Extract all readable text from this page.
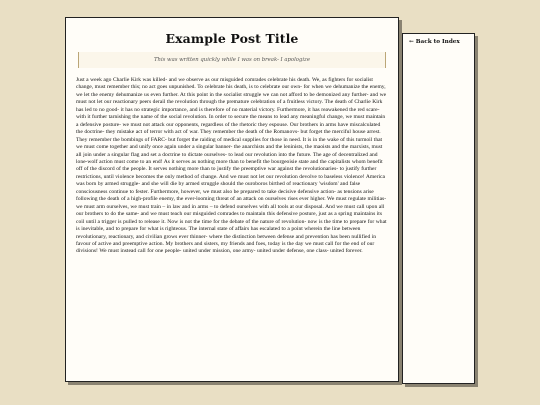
Example Post Title
This was written quickly while I was on break- I apologize
Just a week ago Charlie Kirk was killed- and we observe as our misguided comrades celebrate his death. We, as fighters for socialist change, must remember this; no act goes unpunished. To celebrate his death, is to celebrate our own- for when we dehumanize the enemy, we let the enemy dehumanize us even further. At this point in the socialist struggle we can not afford to be demonized any further- and we must not let our reactionary peers derail the revolution through the premature celebration of a fruitless victory. The death of Charlie Kirk has led to no good- it has no strategic importance, and is therefore of no material victory. Furthermore, it has reawakened the red scare- with it further tarnishing the name of the social revolution. In order to secure the means to lead any meaningful change, we must maintain a defensive posture- we must not attack our opponents, regardless of the rhetoric they espouse. Our brothers in arms have miscalculated the doctrine- they mistake act of terror with act of war. They remember the death of the Romanovs- but forget the merciful house arrest. They remember the bombings of FARC- but forget the raiding of medical supplies for those in need. It is in the wake of this turmoil that we must come together and unify once again under a singular banner- the anarchists and the leninists, the maoists and the marxists, must all join under a singular flag and set a doctrine to dictate ourselves- to lead our revolution into the future. The age of decentralized and lone-wolf action must come to an end! As it serves as nothing more than to benefit the bourgeoisie state and the capitalists whom benefit off of the discord of the people. It serves nothing more than to justify the preemptive war against the revolutionaries- to justify further restrictions, until violence becomes the only method of change. And we must not let our revolution devolve to baseless violence! America was born by armed struggle- and she will die by armed struggle should the ouroboros birthed of reactionary 'wisdom' and false consciousness continue to fester. Furthermore, however, we must also be prepared to take decisive defensive action- as tensions arise following the death of a high-profile enemy, the ever-looming threat of an attack on ourselves rises ever higher. We must regulate militias- we must arm ourselves, we must train – in law and in arms – to defend ourselves with all tools at our disposal. And we must call upon all our brothers to do the same- and we must teach our misguided comrades to maintain this defensive posture, just as a spring maintains its coil until a trigger is pulled to release it. Now is not the time for the debate of the nature of revolution- now is the time to prepare for what is inevitable, and to prepare for what is righteous. The internal state of affairs has escalated to a point wherein the line between revolutionary, reactionary, and civilian grows ever thinner- where the distinction between defense and prevention has been nullified in favour of active and preemptive action. My brothers and sisters, my friends and foes, today is the day we must call for the end of our divisions! We must instead call for one people- united under mission, one army- united under defense, one class- united forever.
← Back to Index
